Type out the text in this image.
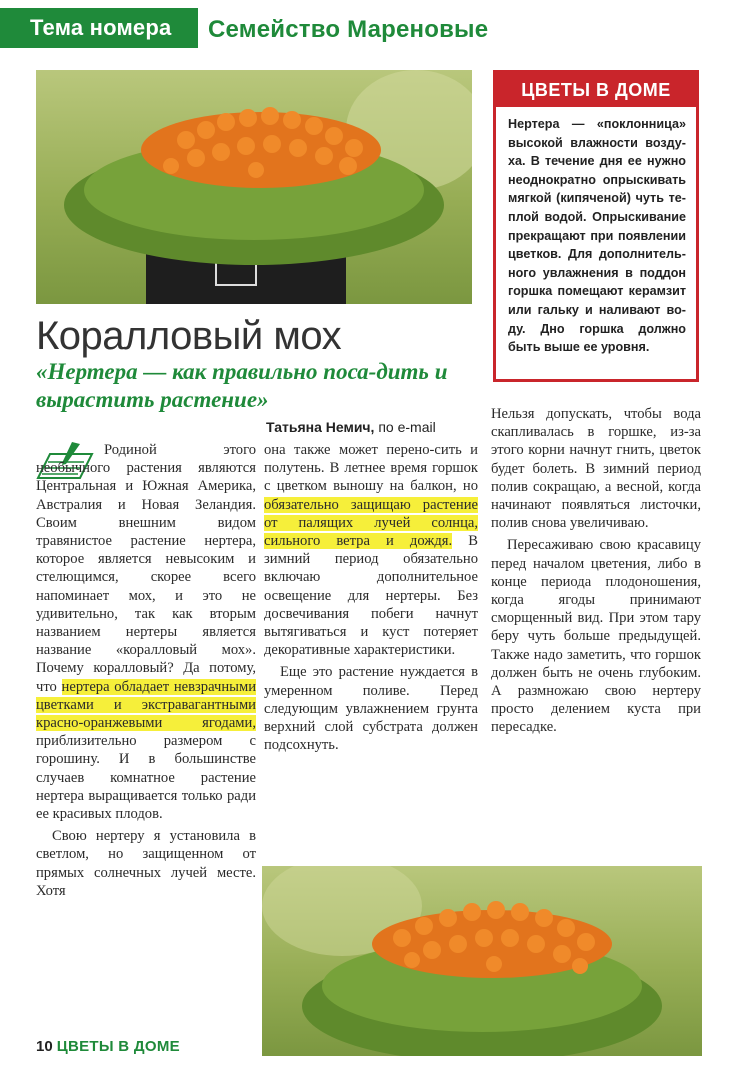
Тема номера	Семейство Мареновые
ЦВЕТЫ В ДОМЕ
Нертера — «поклонница» высокой влажности возду-ха. В течение дня ее нужно неоднократно опрыскивать мягкой (кипяченой) чуть те-плой водой. Опрыскивание прекращают при появлении цветков. Для дополнитель-ного увлажнения в поддон горшка помещают керамзит или гальку и наливают во-ду. Дно горшка должно быть выше ее уровня.
Коралловый мох
«Нертера — как правильно поса-дить и вырастить растение»
Татьяна Немич, по e-mail

Родиной этого необычного растения являются Центральная и Южная Америка, Австралия и Новая Зеландия. Своим внешним видом травянистое растение нертера, которое является невысоким и стелющимся, скорее всего напоминает мох, и это не удивительно, так как вторым названием нертеры является название «коралловый мох». Почему коралловый? Да потому, что нертера обладает невзрачными цветками и экстравагантными красно-оранжевыми ягодами, приблизительно размером с горошину. И в большинстве случаев комнатное растение нертера выращивается только ради ее красивых плодов.

Свою нертеру я установила в светлом, но защищенном от прямых солнечных лучей месте. Хотя

она также может перено-сить и полутень. В летнее время горшок с цветком выношу на балкон, но обязательно защищаю растение от палящих лучей солнца, сильного ветра и дождя. В зимний период обязательно включаю дополнительное освещение для нертеры. Без досвечивания побеги начнут вытягиваться и куст потеряет декоративные характеристики.

Еще это растение нуждается в умеренном поливе. Перед следующим увлажнением грунта верхний слой субстрата должен подсохнуть.

Нельзя допускать, чтобы вода скапливалась в горшке, из-за этого корни начнут гнить, цветок будет болеть. В зимний период полив сокращаю, а весной, когда начинают появляться листочки, полив снова увеличиваю.

Пересаживаю свою красавицу перед началом цветения, либо в конце периода плодоношения, когда ягоды принимают сморщенный вид. При этом тару беру чуть больше предыдущей. Также надо заметить, что горшок должен быть не очень глубоким. А размножаю свою нертеру просто делением куста при пересадке.

10 ЦВЕТЫ В ДОМЕ
